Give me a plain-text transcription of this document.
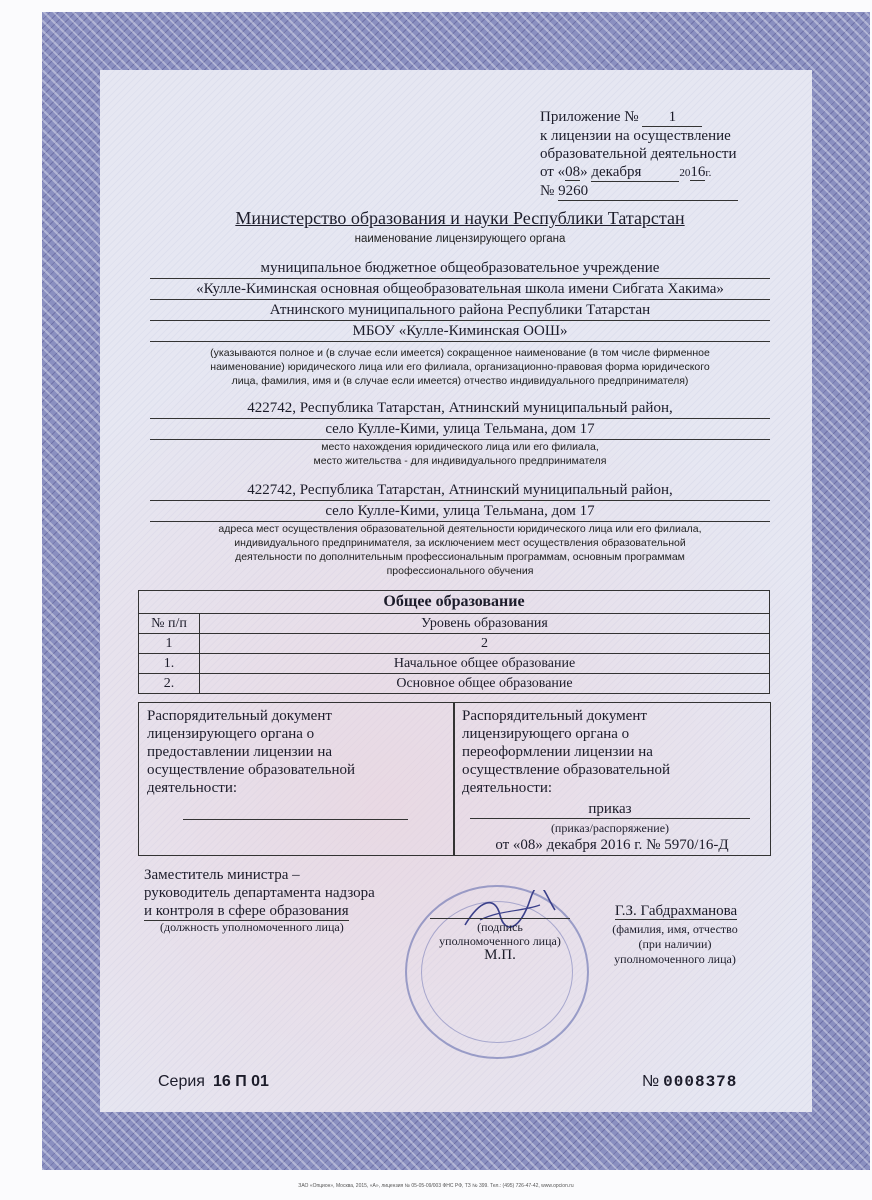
Приложение № 1
к лицензии на осуществление
образовательной деятельности
от «08» декабря	2016г.
№ 9260
Министерство образования и науки Республики Татарстан
наименование лицензирующего органа
муниципальное бюджетное общеобразовательное учреждение
«Кулле-Киминская основная общеобразовательная школа имени Сибгата Хакима»
Атнинского муниципального района Республики Татарстан
МБОУ «Кулле-Киминская ООШ»
(указываются полное и (в случае если имеется) сокращенное наименование (в том числе фирменное
наименование) юридического лица или его филиала, организационно-правовая форма юридического
лица, фамилия, имя и (в случае если имеется) отчество индивидуального предпринимателя)
422742, Республика Татарстан, Атнинский муниципальный район,
село Кулле-Кими, улица Тельмана, дом 17
место нахождения юридического лица или его филиала,
место жительства - для индивидуального предпринимателя
422742, Республика Татарстан, Атнинский муниципальный район,
село Кулле-Кими, улица Тельмана, дом 17
адреса мест осуществления образовательной деятельности юридического лица или его филиала,
индивидуального предпринимателя, за исключением мест осуществления образовательной
деятельности по дополнительным профессиональным программам, основным программам
профессионального обучения
Общее образование	
№ п/п	Уровень образования
1	2
1.	Начальное общее образование
2.	Основное общее образование
Распорядительный документ
лицензирующего органа о
предоставлении лицензии на
осуществление образовательной
деятельности:
Распорядительный документ
лицензирующего органа о
переоформлении лицензии на
осуществление образовательной
деятельности:
приказ
(приказ/распоряжение)
от «08» декабря 2016 г. № 5970/16-Д
Заместитель министра –
руководитель департамента надзора
и контроля в сфере образования
(должность уполномоченного лица)	(подпись
уполномоченного лица)
М.П.
Г.З. Габдрахманова
(фамилия, имя, отчество
(при наличии)
уполномоченного лица)
Серия 16 П 01	№ 0008378
ЗАО «Опцион», Москва, 2015, «А», лицензия № 05-05-09/003 ФНС РФ, ТЗ № 399. Тел.: (495) 726-47-42, www.opcion.ru
